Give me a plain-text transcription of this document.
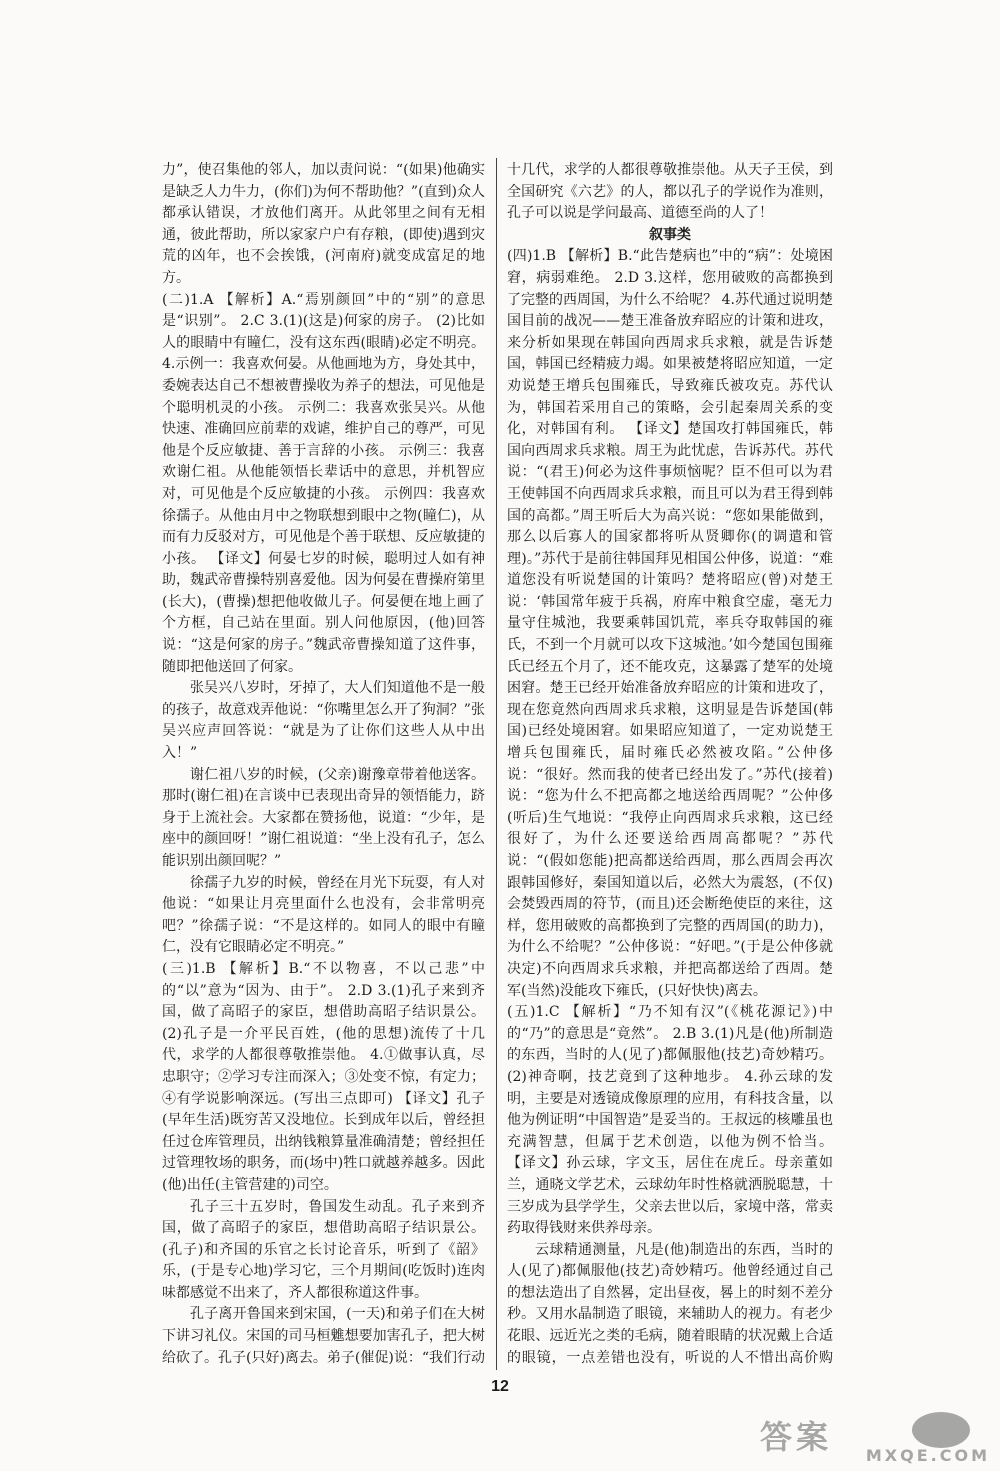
力”，使召集他的邻人，加以责问说：“(如果)他确实是缺乏人力牛力，(你们)为何不帮助他？”(直到)众人都承认错误，才放他们离开。从此邻里之间有无相通，彼此帮助，所以家家户户有存粮，(即使)遇到灾荒的凶年，也不会挨饿，(河南府)就变成富足的地方。

(二)1.A 【解析】A.“焉别颜回”中的“别”的意思是“识别”。 2.C 3.(1)(这是)何家的房子。 (2)比如人的眼睛中有瞳仁，没有这东西(眼睛)必定不明亮。 4.示例一：我喜欢何晏。从他画地为方，身处其中，委婉表达自己不想被曹操收为养子的想法，可见他是个聪明机灵的小孩。 示例二：我喜欢张吴兴。从他快速、准确回应前辈的戏谑，维护自己的尊严，可见他是个反应敏捷、善于言辞的小孩。 示例三：我喜欢谢仁祖。从他能领悟长辈话中的意思，并机智应对，可见他是个反应敏捷的小孩。 示例四：我喜欢徐孺子。从他由月中之物联想到眼中之物(瞳仁)，从而有力反驳对方，可见他是个善于联想、反应敏捷的小孩。 【译文】何晏七岁的时候，聪明过人如有神助，魏武帝曹操特别喜爱他。因为何晏在曹操府第里(长大)，(曹操)想把他收做儿子。何晏便在地上画了个方框，自己站在里面。别人问他原因，(他)回答说：“这是何家的房子。”魏武帝曹操知道了这件事，随即把他送回了何家。

张吴兴八岁时，牙掉了，大人们知道他不是一般的孩子，故意戏弄他说：“你嘴里怎么开了狗洞？”张吴兴应声回答说：“就是为了让你们这些人从中出入！”

谢仁祖八岁的时候，(父亲)谢豫章带着他送客。那时(谢仁祖)在言谈中已表现出奇异的领悟能力，跻身于上流社会。大家都在赞扬他，说道：“少年，是座中的颜回呀！”谢仁祖说道：“坐上没有孔子，怎么能识别出颜回呢？”

徐孺子九岁的时候，曾经在月光下玩耍，有人对他说：“如果让月亮里面什么也没有，会非常明亮吧？”徐孺子说：“不是这样的。如同人的眼中有瞳仁，没有它眼睛必定不明亮。”

(三)1.B 【解析】B.“不以物喜，不以己悲”中的“以”意为“因为、由于”。 2.D 3.(1)孔子来到齐国，做了高昭子的家臣，想借助高昭子结识景公。 (2)孔子是一介平民百姓，(他的思想)流传了十几代，求学的人都很尊敬推崇他。 4.①做事认真，尽忠职守；②学习专注而深入；③处变不惊，有定力；④有学说影响深远。(写出三点即可) 【译文】孔子(早年生活)既穷苦又没地位。长到成年以后，曾经担任过仓库管理员，出纳钱粮算量准确清楚；曾经担任过管理牧场的职务，而(场中)牲口就越养越多。因此(他)出任(主管营建的)司空。

孔子三十五岁时，鲁国发生动乱。孔子来到齐国，做了高昭子的家臣，想借助高昭子结识景公。(孔子)和齐国的乐官之长讨论音乐，听到了《韶》乐，(于是专心地)学习它，三个月期间(吃饭时)连肉味都感觉不出来了，齐人都很称道这件事。

孔子离开鲁国来到宋国，(一天)和弟子们在大树下讲习礼仪。宋国的司马桓魋想要加害孔子，把大树给砍了。孔子(只好)离去。弟子(催促)说：“我们行动

十几代，求学的人都很尊敬推崇他。从天子王侯，到全国研究《六艺》的人，都以孔子的学说作为准则，孔子可以说是学问最高、道德至尚的人了！

叙事类

(四)1.B 【解析】B.“此告楚病也”中的“病”：处境困窘，病弱难绝。 2.D 3.这样，您用破败的高都换到了完整的西周国，为什么不给呢？ 4.苏代通过说明楚国目前的战况——楚王准备放弃昭应的计策和进攻，来分析如果现在韩国向西周求兵求粮，就是告诉楚国，韩国已经精疲力竭。如果被楚将昭应知道，一定劝说楚王增兵包围雍氏，导致雍氏被攻克。苏代认为，韩国若采用自己的策略，会引起秦周关系的变化，对韩国有利。 【译文】楚国攻打韩国雍氏，韩国向西周求兵求粮。周王为此忧虑，告诉苏代。苏代说：“(君王)何必为这件事烦恼呢？臣不但可以为君王使韩国不向西周求兵求粮，而且可以为君王得到韩国的高都。”周王听后大为高兴说：“您如果能做到，那么以后寡人的国家都将听从贤卿你(的调遣和管理)。”苏代于是前往韩国拜见相国公仲侈，说道：“难道您没有听说楚国的计策吗？楚将昭应(曾)对楚王说：‘韩国常年疲于兵祸，府库中粮食空虚，毫无力量守住城池，我要乘韩国饥荒，率兵夺取韩国的雍氏，不到一个月就可以攻下这城池。’如今楚国包围雍氏已经五个月了，还不能攻克，这暴露了楚军的处境困窘。楚王已经开始准备放弃昭应的计策和进攻了，现在您竟然向西周求兵求粮，这明显是告诉楚国(韩国)已经处境困窘。如果昭应知道了，一定劝说楚王增兵包围雍氏，届时雍氏必然被攻陷。”公仲侈说：“很好。然而我的使者已经出发了。”苏代(接着)说：“您为什么不把高都之地送给西周呢？”公仲侈(听后)生气地说：“我停止向西周求兵求粮，这已经很好了，为什么还要送给西周高都呢？”苏代说：“(假如您能)把高都送给西周，那么西周会再次跟韩国修好，秦国知道以后，必然大为震怒，(不仅)会焚毁西周的符节，(而且)还会断绝使臣的来往，这样，您用破败的高都换到了完整的西周国(的助力)，为什么不给呢？”公仲侈说：“好吧。”(于是公仲侈就决定)不向西周求兵求粮，并把高都送给了西周。楚军(当然)没能攻下雍氏，(只好快快)离去。

(五)1.C 【解析】“乃不知有汉”(《桃花源记》)中的“乃”的意思是“竟然”。 2.B 3.(1)凡是(他)所制造的东西，当时的人(见了)都佩服他(技艺)奇妙精巧。(2)神奇啊，技艺竟到了这种地步。 4.孙云球的发明，主要是对透镜成像原理的应用，有科技含量，以他为例证明“中国智造”是妥当的。王叔远的核雕虽也充满智慧，但属于艺术创造，以他为例不恰当。 【译文】孙云球，字文玉，居住在虎丘。母亲董如兰，通晓文学艺术，云球幼年时性格就洒脱聪慧，十三岁成为县学学生，父亲去世以后，家境中落，常卖药取得钱财来供养母亲。

云球精通测量，凡是(他)制造出的东西，当时的人(见了)都佩服他(技艺)奇妙精巧。他曾经通过自己的想法造出了自然晷，定出昼夜，晷上的时刻不差分秒。又用水晶制造了眼镜，来辅助人的视力。有老少花眼、远近光之类的毛病，随着眼睛的状况戴上合适的眼镜，一点差错也没有，听说的人不惜出高价购

12
答案	MXQE.COM
